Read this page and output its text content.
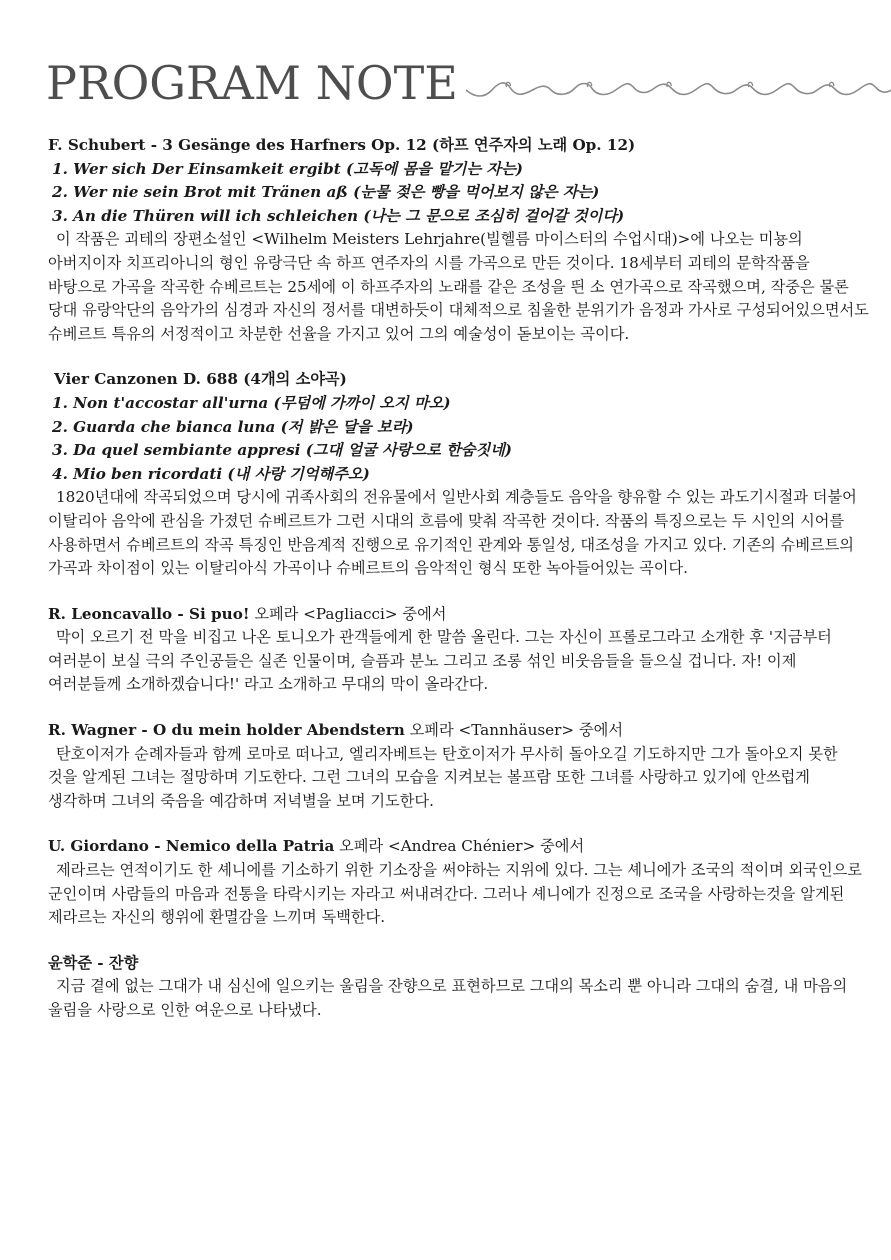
PROGRAM NOTE
F. Schubert - 3 Gesänge des Harfners Op. 12 (하프 연주자의 노래 Op. 12)
1. Wer sich Der Einsamkeit ergibt (고독에 몸을 맡기는 자는)
2. Wer nie sein Brot mit Tränen aß (눈물 젖은 빵을 먹어보지 않은 자는)
3. An die Thüren will ich schleichen (나는 그 문으로 조심히 걸어갈 것이다)
이 작품은 괴테의 장편소설인 <Wilhelm Meisters Lehrjahre(빌헬름 마이스터의 수업시대)>에 나오는 미뇽의 아버지이자 치프리아니의 형인 유랑극단 속 하프 연주자의 시를 가곡으로 만든 것이다. 18세부터 괴테의 문학작품을 바탕으로 가곡을 작곡한 슈베르트는 25세에 이 하프주자의 노래를 같은 조성을 띈 소 연가곡으로 작곡했으며, 작중은 물론 당대 유랑악단의 음악가의 심경과 자신의 정서를 대변하듯이 대체적으로 침울한 분위기가 음정과 가사로 구성되어있으면서도 슈베르트 특유의 서정적이고 차분한 선율을 가지고 있어 그의 예술성이 돋보이는 곡이다.
Vier Canzonen D. 688 (4개의 소야곡)
1. Non t'accostar all'urna (무덤에 가까이 오지 마오)
2. Guarda che bianca luna (저 밝은 달을 보라)
3. Da quel sembiante appresi (그대 얼굴 사랑으로 한숨짓네)
4. Mio ben ricordati (내 사랑 기억해주오)
1820년대에 작곡되었으며 당시에 귀족사회의 전유물에서 일반사회 계층들도 음악을 향유할 수 있는 과도기시절과 더불어 이탈리아 음악에 관심을 가졌던 슈베르트가 그런 시대의 흐름에 맞춰 작곡한 것이다. 작품의 특징으로는 두 시인의 시어를 사용하면서 슈베르트의 작곡 특징인 반음계적 진행으로 유기적인 관계와 통일성, 대조성을 가지고 있다. 기존의 슈베르트의 가곡과 차이점이 있는 이탈리아식 가곡이나 슈베르트의 음악적인 형식 또한 녹아들어있는 곡이다.
R. Leoncavallo - Si puo! 오페라 <Pagliacci> 중에서
막이 오르기 전 막을 비집고 나온 토니오가 관객들에게 한 말씀 올린다. 그는 자신이 프롤로그라고 소개한 후 '지금부터 여러분이 보실 극의 주인공들은 실존 인물이며, 슬픔과 분노 그리고 조롱 섞인 비웃음들을 들으실 겁니다. 자! 이제 여러분들께 소개하겠습니다!' 라고 소개하고 무대의 막이 올라간다.
R. Wagner - O du mein holder Abendstern 오페라 <Tannhäuser> 중에서
탄호이저가 순례자들과 함께 로마로 떠나고, 엘리자베트는 탄호이저가 무사히 돌아오길 기도하지만 그가 돌아오지 못한 것을 알게된 그녀는 절망하며 기도한다. 그런 그녀의 모습을 지켜보는 볼프람 또한 그녀를 사랑하고 있기에 안쓰럽게 생각하며 그녀의 죽음을 예감하며 저녁별을 보며 기도한다.
U. Giordano - Nemico della Patria 오페라 <Andrea Chénier> 중에서
제라르는 연적이기도 한 셰니에를 기소하기 위한 기소장을 써야하는 지위에 있다. 그는 셰니에가 조국의 적이며 외국인으로 군인이며 사람들의 마음과 전통을 타락시키는 자라고 써내려간다. 그러나 셰니에가 진정으로 조국을 사랑하는것을 알게된 제라르는 자신의 행위에 환멸감을 느끼며 독백한다.
윤학준 - 잔향
지금 곁에 없는 그대가 내 심신에 일으키는 울림을 잔향으로 표현하므로 그대의 목소리 뿐 아니라 그대의 숨결, 내 마음의 울림을 사랑으로 인한 여운으로 나타냈다.
